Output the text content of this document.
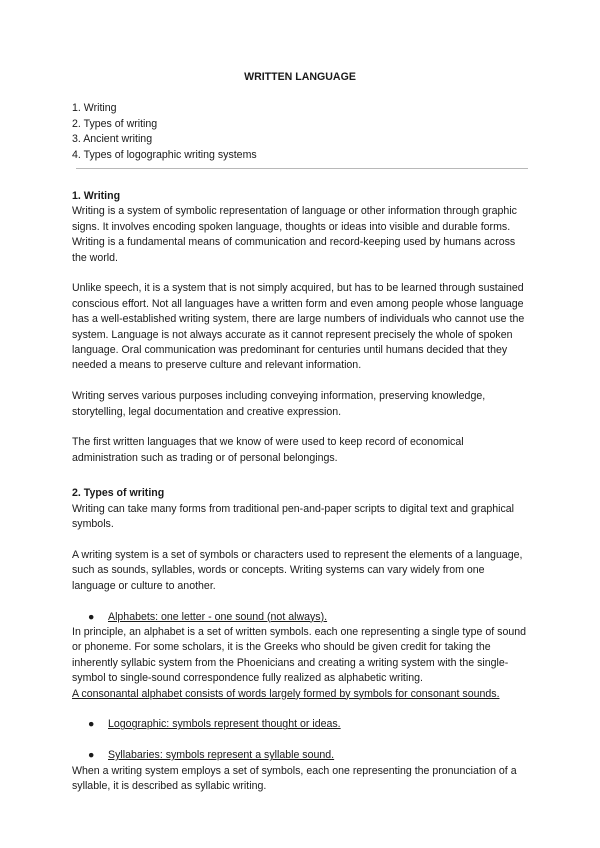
WRITTEN LANGUAGE
1. Writing
2. Types of writing
3. Ancient writing
4. Types of logographic writing systems
1. Writing

Writing is a system of symbolic representation of language or other information through graphic signs. It involves encoding spoken language, thoughts or ideas into visible and durable forms. Writing is a fundamental means of communication and record-keeping used by humans across the world.

Unlike speech, it is a system that is not simply acquired, but has to be learned through sustained conscious effort. Not all languages have a written form and even among people whose language has a well-established writing system, there are large numbers of individuals who cannot use the system. Language is not always accurate as it cannot represent precisely the whole of spoken language. Oral communication was predominant for centuries until humans decided that they needed a means to preserve culture and relevant information.

Writing serves various purposes including conveying information, preserving knowledge, storytelling, legal documentation and creative expression.

The first written languages that we know of were used to keep record of economical administration such as trading or of personal belongings.

2. Types of writing

Writing can take many forms from traditional pen-and-paper scripts to digital text and graphical symbols.

A writing system is a set of symbols or characters used to represent the elements of a language, such as sounds, syllables, words or concepts. Writing systems can vary widely from one language or culture to another.

● Alphabets: one letter - one sound (not always).

In principle, an alphabet is a set of written symbols. each one representing a single type of sound or phoneme. For some scholars, it is the Greeks who should be given credit for taking the inherently syllabic system from the Phoenicians and creating a writing system with the single-symbol to single-sound correspondence fully realized as alphabetic writing.

A consonantal alphabet consists of words largely formed by symbols for consonant sounds.

● Logographic: symbols represent thought or ideas.
● Syllabaries: symbols represent a syllable sound.

When a writing system employs a set of symbols, each one representing the pronunciation of a syllable, it is described as syllabic writing.
